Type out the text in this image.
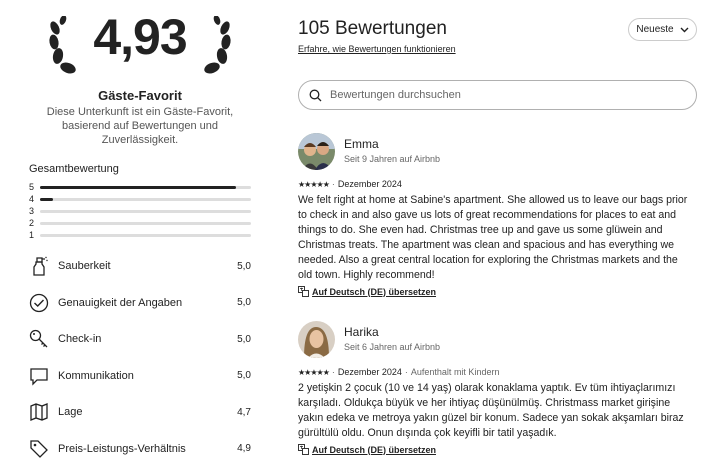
4,93
Gäste-Favorit
Diese Unterkunft ist ein Gäste-Favorit, basierend auf Bewertungen und Zuverlässigkeit.
Gesamtbewertung
5
4
3
2
1
Sauberkeit	5,0
Genauigkeit der Angaben	5,0
Check-in	5,0
Kommunikation	5,0
Lage	4,7
Preis-Leistungs-Verhältnis	4,9
105 Bewertungen
Erfahre, wie Bewertungen funktionieren
Neueste
Bewertungen durchsuchen
Emma
Seit 9 Jahren auf Airbnb
★★★★★ · Dezember 2024
We felt right at home at Sabine's apartment. She allowed us to leave our bags prior to check in and also gave us lots of great recommendations for places to eat and things to do. She even had. Christmas tree up and gave us some glüwein and Christmas treats. The apartment was clean and spacious and has everything we needed. Also a great central location for exploring the Christmas markets and the old town. Highly recommend!
Auf Deutsch (DE) übersetzen
Harika
Seit 6 Jahren auf Airbnb
★★★★★ · Dezember 2024 · Aufenthalt mit Kindern
2 yetişkin 2 çocuk (10 ve 14 yaş) olarak konaklama yaptık. Ev tüm ihtiyaçlarımızı karşıladı. Oldukça büyük ve her ihtiyaç düşünülmüş. Christmass market girişine yakın edeka ve metroya yakın güzel bir konum. Sadece yan sokak akşamları biraz gürültülü oldu. Onun dışında çok keyifli bir tatil yaşadık.
Auf Deutsch (DE) übersetzen
